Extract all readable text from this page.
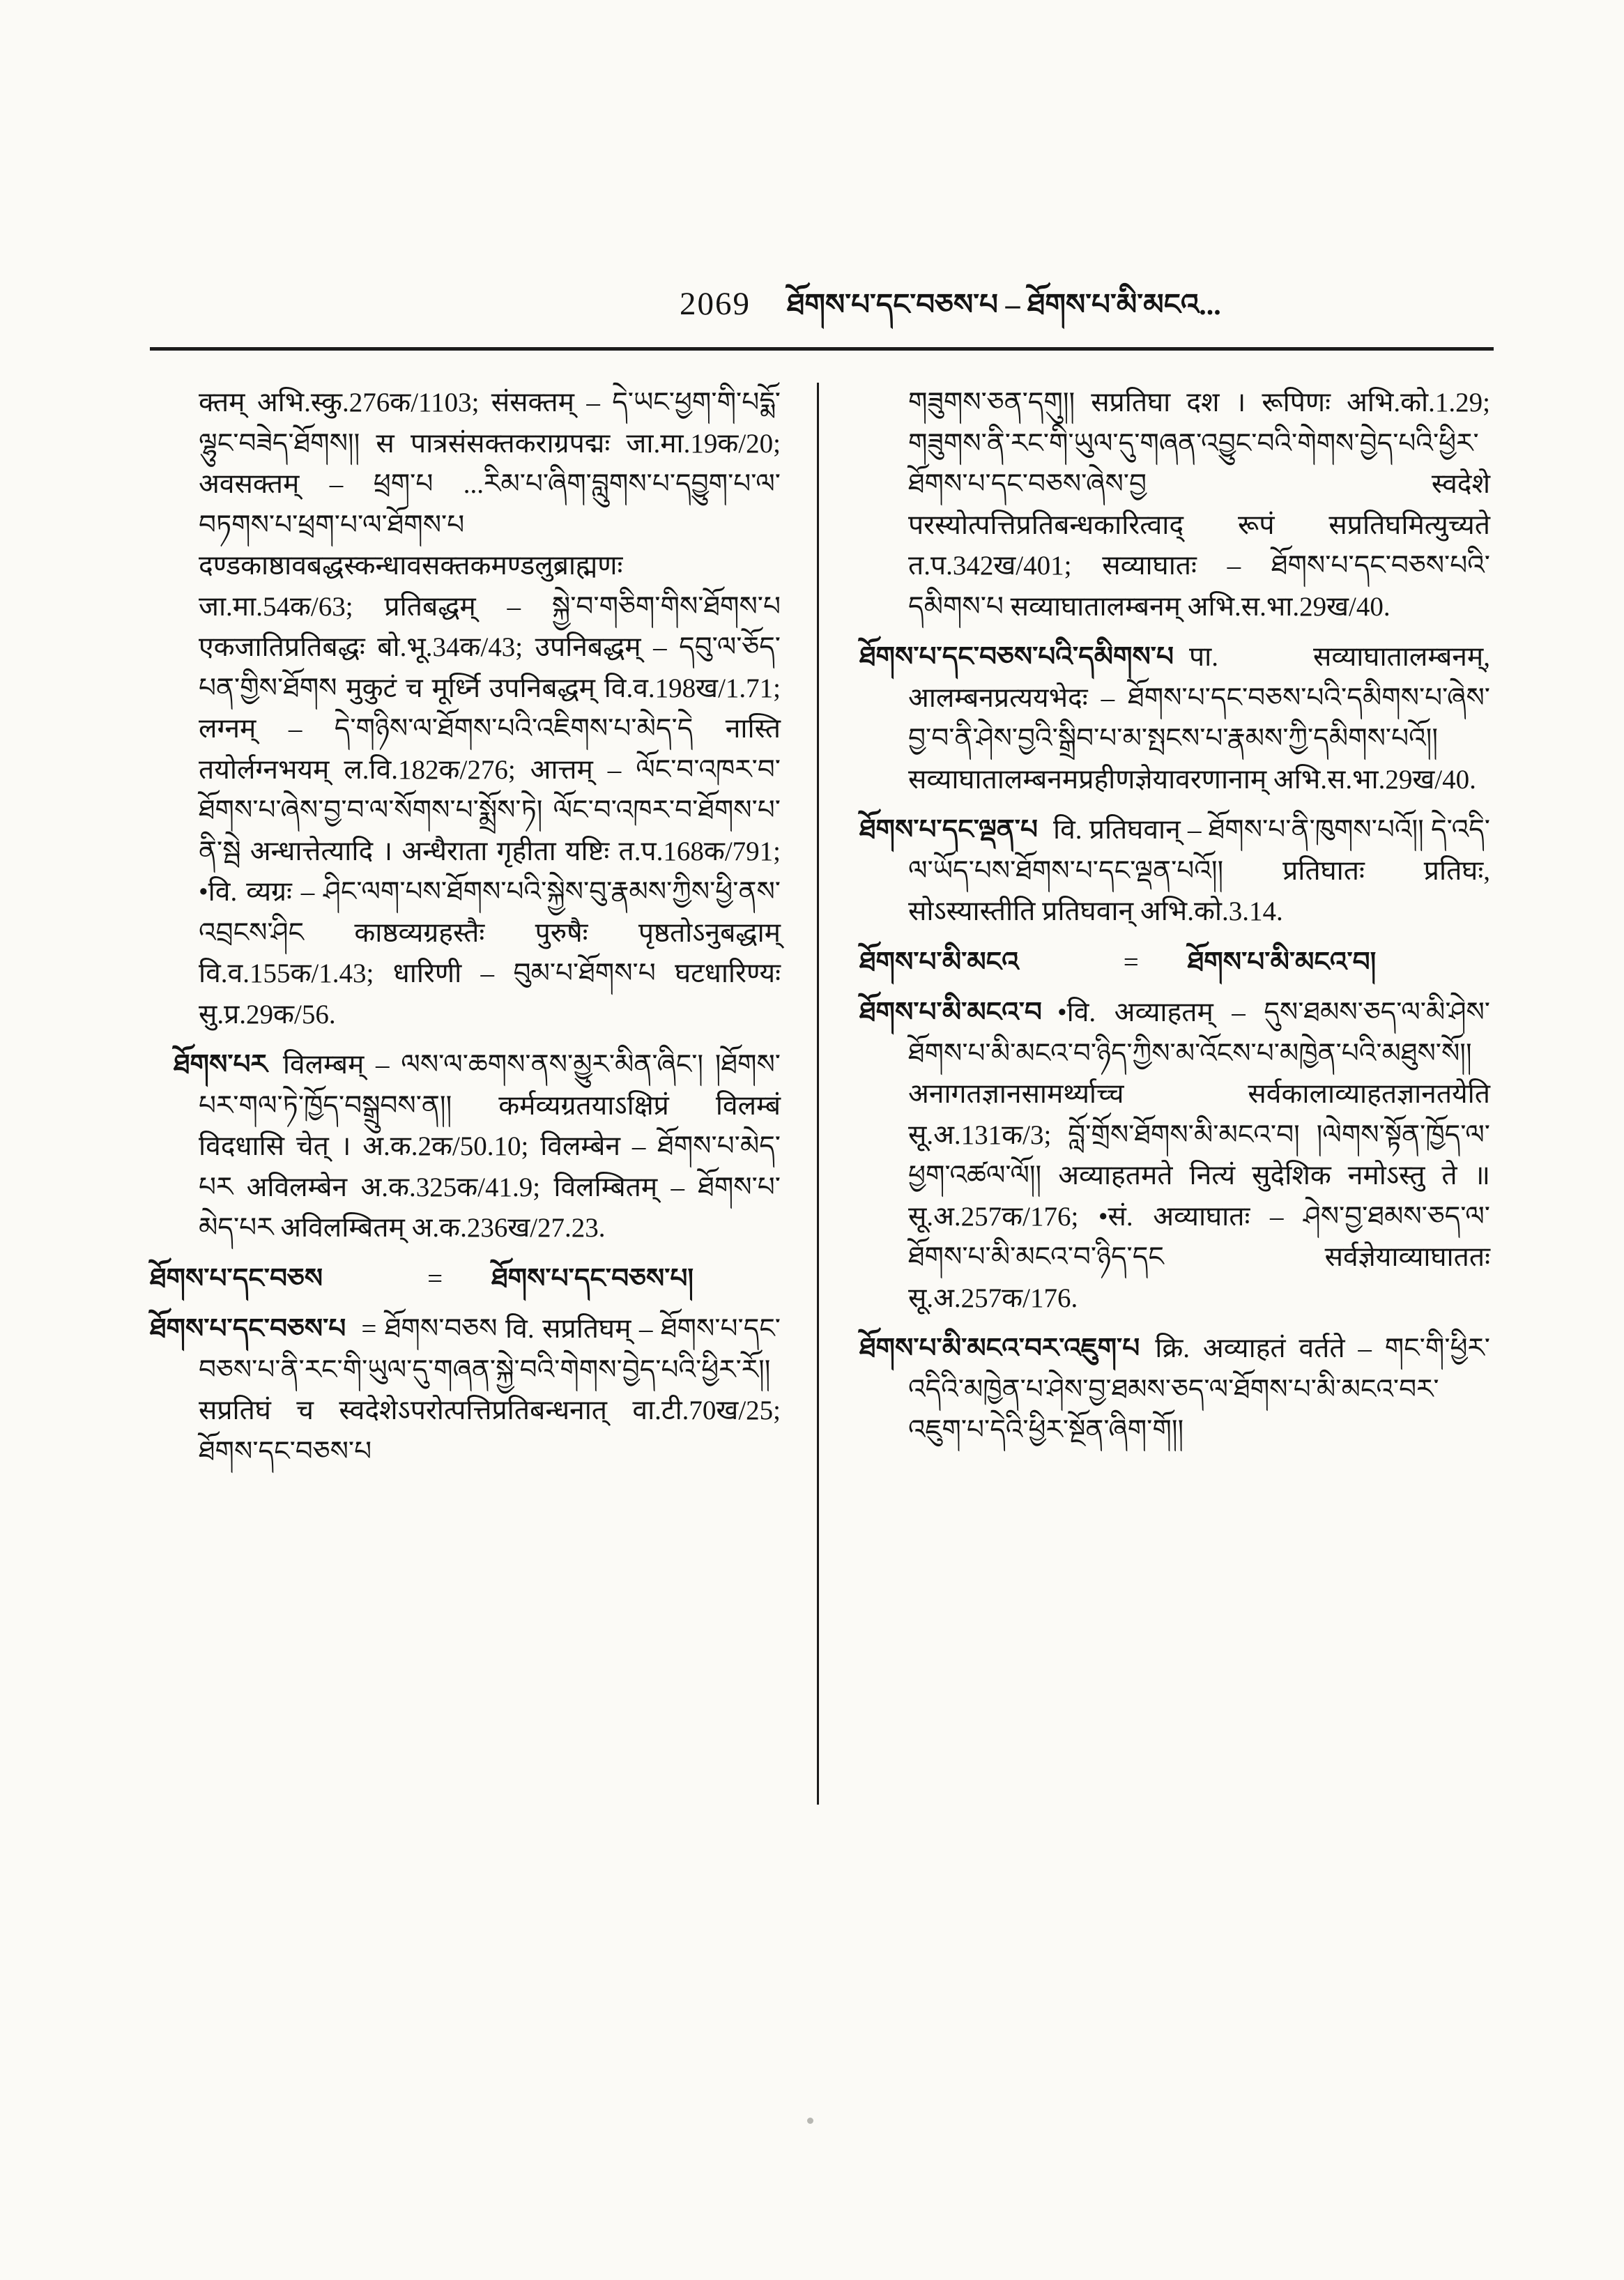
2069 ཐོགས་པ་དང་བཅས་པ – ཐོགས་པ་མི་མངའ...

क्तम् अभि.स्कु.276क/1103; संसक्तम् – དེ་ཡང་ཕྱག་གི་པདྨོ་ལྷུང་བཟེད་ཐོགས།། स पात्रसंसक्तकराग्रपद्मः जा.मा.19क/20; अवसक्तम् – ཕྲག་པ ...རིམ་པ་ཞིག་བླུགས་པ་དབྱུག་པ་ལ་བཏགས་པ་ཕྲག་པ་ལ་ཐོགས་པ दण्डकाष्ठावबद्धस्कन्धावसक्तकमण्डलुब्राह्मणः जा.मा.54क/63; प्रतिबद्धम् – སྐྱེ་བ་གཅིག་གིས་ཐོགས་པ एकजातिप्रतिबद्धः बो.भू.34क/43; उपनिबद्धम् – དབུ་ལ་ཅོད་པན་གྱིས་ཐོགས मुकुटं च मूर्ध्नि उपनिबद्धम् वि.व.198ख/1.71; लग्नम् – དེ་གཉིས་ལ་ཐོགས་པའི་འཇིགས་པ་མེད་དེ नास्ति तयोर्लग्नभयम् ल.वि.182क/276; आत्तम् – ལོང་བ་འཁར་བ་ཐོགས་པ་ཞེས་བྱ་བ་ལ་སོགས་པ་སྨྲོས་ཏེ། ལོང་བ་འཁར་བ་ཐོགས་པ་ནི་སྦེ अन्धात्तेत्यादि । अन्धैराता गृहीता यष्टिः त.प.168क/791; •वि. व्यग्रः – ཤིང་ལག་པས་ཐོགས་པའི་སྐྱེས་བུ་རྣམས་ཀྱིས་ཕྱི་ནས་འབྲངས་ཤིང काष्ठव्यग्रहस्तैः पुरुषैः पृष्ठतोऽनुबद्धाम् वि.व.155क/1.43; धारिणी – བུམ་པ་ཐོགས་པ घटधारिण्यः सु.प्र.29क/56.

ཐོགས་པར विलम्बम् – ལས་ལ་ཆགས་ནས་མྱུར་མིན་ཞིང་། །ཐོགས་པར་གལ་ཏེ་ཁྱོད་བསྒྲུབས་ན།། कर्मव्यग्रतयाऽक्षिप्रं विलम्बं विदधासि चेत् । अ.क.2क/50.10; विलम्बेन – ཐོགས་པ་མེད་པར अविलम्बेन अ.क.325क/41.9; विलम्बितम् – ཐོགས་པ་མེད་པར अविलम्बितम् अ.क.236ख/27.23.

ཐོགས་པ་དང་བཅས	= ཐོགས་པ་དང་བཅས་པ།

ཐོགས་པ་དང་བཅས་པ = ཐོགས་བཅས वि. सप्रतिघम् – ཐོགས་པ་དང་བཅས་པ་ནི་རང་གི་ཡུལ་དུ་གཞན་སྐྱེ་བའི་གེགས་བྱེད་པའི་ཕྱིར་རོ།། सप्रतिघं च स्वदेशेऽपरोत्पत्तिप्रतिबन्धनात् वा.टी.70ख/25; ཐོགས་དང་བཅས་པ

གཟུགས་ཅན་དགུ།། सप्रतिघा दश । रूपिणः अभि.को.1.29; གཟུགས་ནི་རང་གི་ཡུལ་དུ་གཞན་འབྱུང་བའི་གེགས་བྱེད་པའི་ཕྱིར་ཐོགས་པ་དང་བཅས་ཞེས་བྱ स्वदेशे परस्योत्पत्तिप्रतिबन्धकारित्वाद् रूपं सप्रतिघमित्युच्यते त.प.342ख/401; सव्याघातः – ཐོགས་པ་དང་བཅས་པའི་དམིགས་པ सव्याघातालम्बनम् अभि.स.भा.29ख/40.

ཐོགས་པ་དང་བཅས་པའི་དམིགས་པ पा. सव्याघातालम्बनम्, आलम्बनप्रत्ययभेदः – ཐོགས་པ་དང་བཅས་པའི་དམིགས་པ་ཞེས་བྱ་བ་ནི་ཤེས་བྱའི་སྒྲིབ་པ་མ་སྤངས་པ་རྣམས་ཀྱི་དམིགས་པའོ།། सव्याघातालम्बनमप्रहीणज्ञेयावरणानाम् अभि.स.भा.29ख/40.

ཐོགས་པ་དང་ལྡན་པ वि. प्रतिघवान् – ཐོགས་པ་ནི་ཁུགས་པའོ།། དེ་འདི་ལ་ཡོད་པས་ཐོགས་པ་དང་ལྡན་པའོ།། प्रतिघातः प्रतिघः, सोऽस्यास्तीति प्रतिघवान् अभि.को.3.14.

ཐོགས་པ་མི་མངའ	= ཐོགས་པ་མི་མངའ་བ།

ཐོགས་པ་མི་མངའ་བ •वि. अव्याहतम् – དུས་ཐམས་ཅད་ལ་མི་ཤེས་ཐོགས་པ་མི་མངའ་བ་ཉིད་ཀྱིས་མ་འོངས་པ་མཁྱེན་པའི་མཐུས་སོ།། अनागतज्ञानसामर्थ्याच्च सर्वकालाव्याहतज्ञानतयेति सू.अ.131क/3; བློ་གྲོས་ཐོགས་མི་མངའ་བ། །ལེགས་སྟོན་ཁྱོད་ལ་ཕྱག་འཚལ་ལོ།། अव्याहतमते नित्यं सुदेशिक नमोऽस्तु ते ॥ सू.अ.257क/176; •सं. अव्याघातः – ཤེས་བྱ་ཐམས་ཅད་ལ་ཐོགས་པ་མི་མངའ་བ་ཉིད་དང सर्वज्ञेयाव्याघाततः सू.अ.257क/176.

ཐོགས་པ་མི་མངའ་བར་འཇུག་པ क्रि. अव्याहतं वर्तते – གང་གི་ཕྱིར་འདིའི་མཁྱེན་པ་ཤེས་བྱ་ཐམས་ཅད་ལ་ཐོགས་པ་མི་མངའ་བར་འཇུག་པ་དེའི་ཕྱིར་སྔོན་ཞིག་གོ།།
